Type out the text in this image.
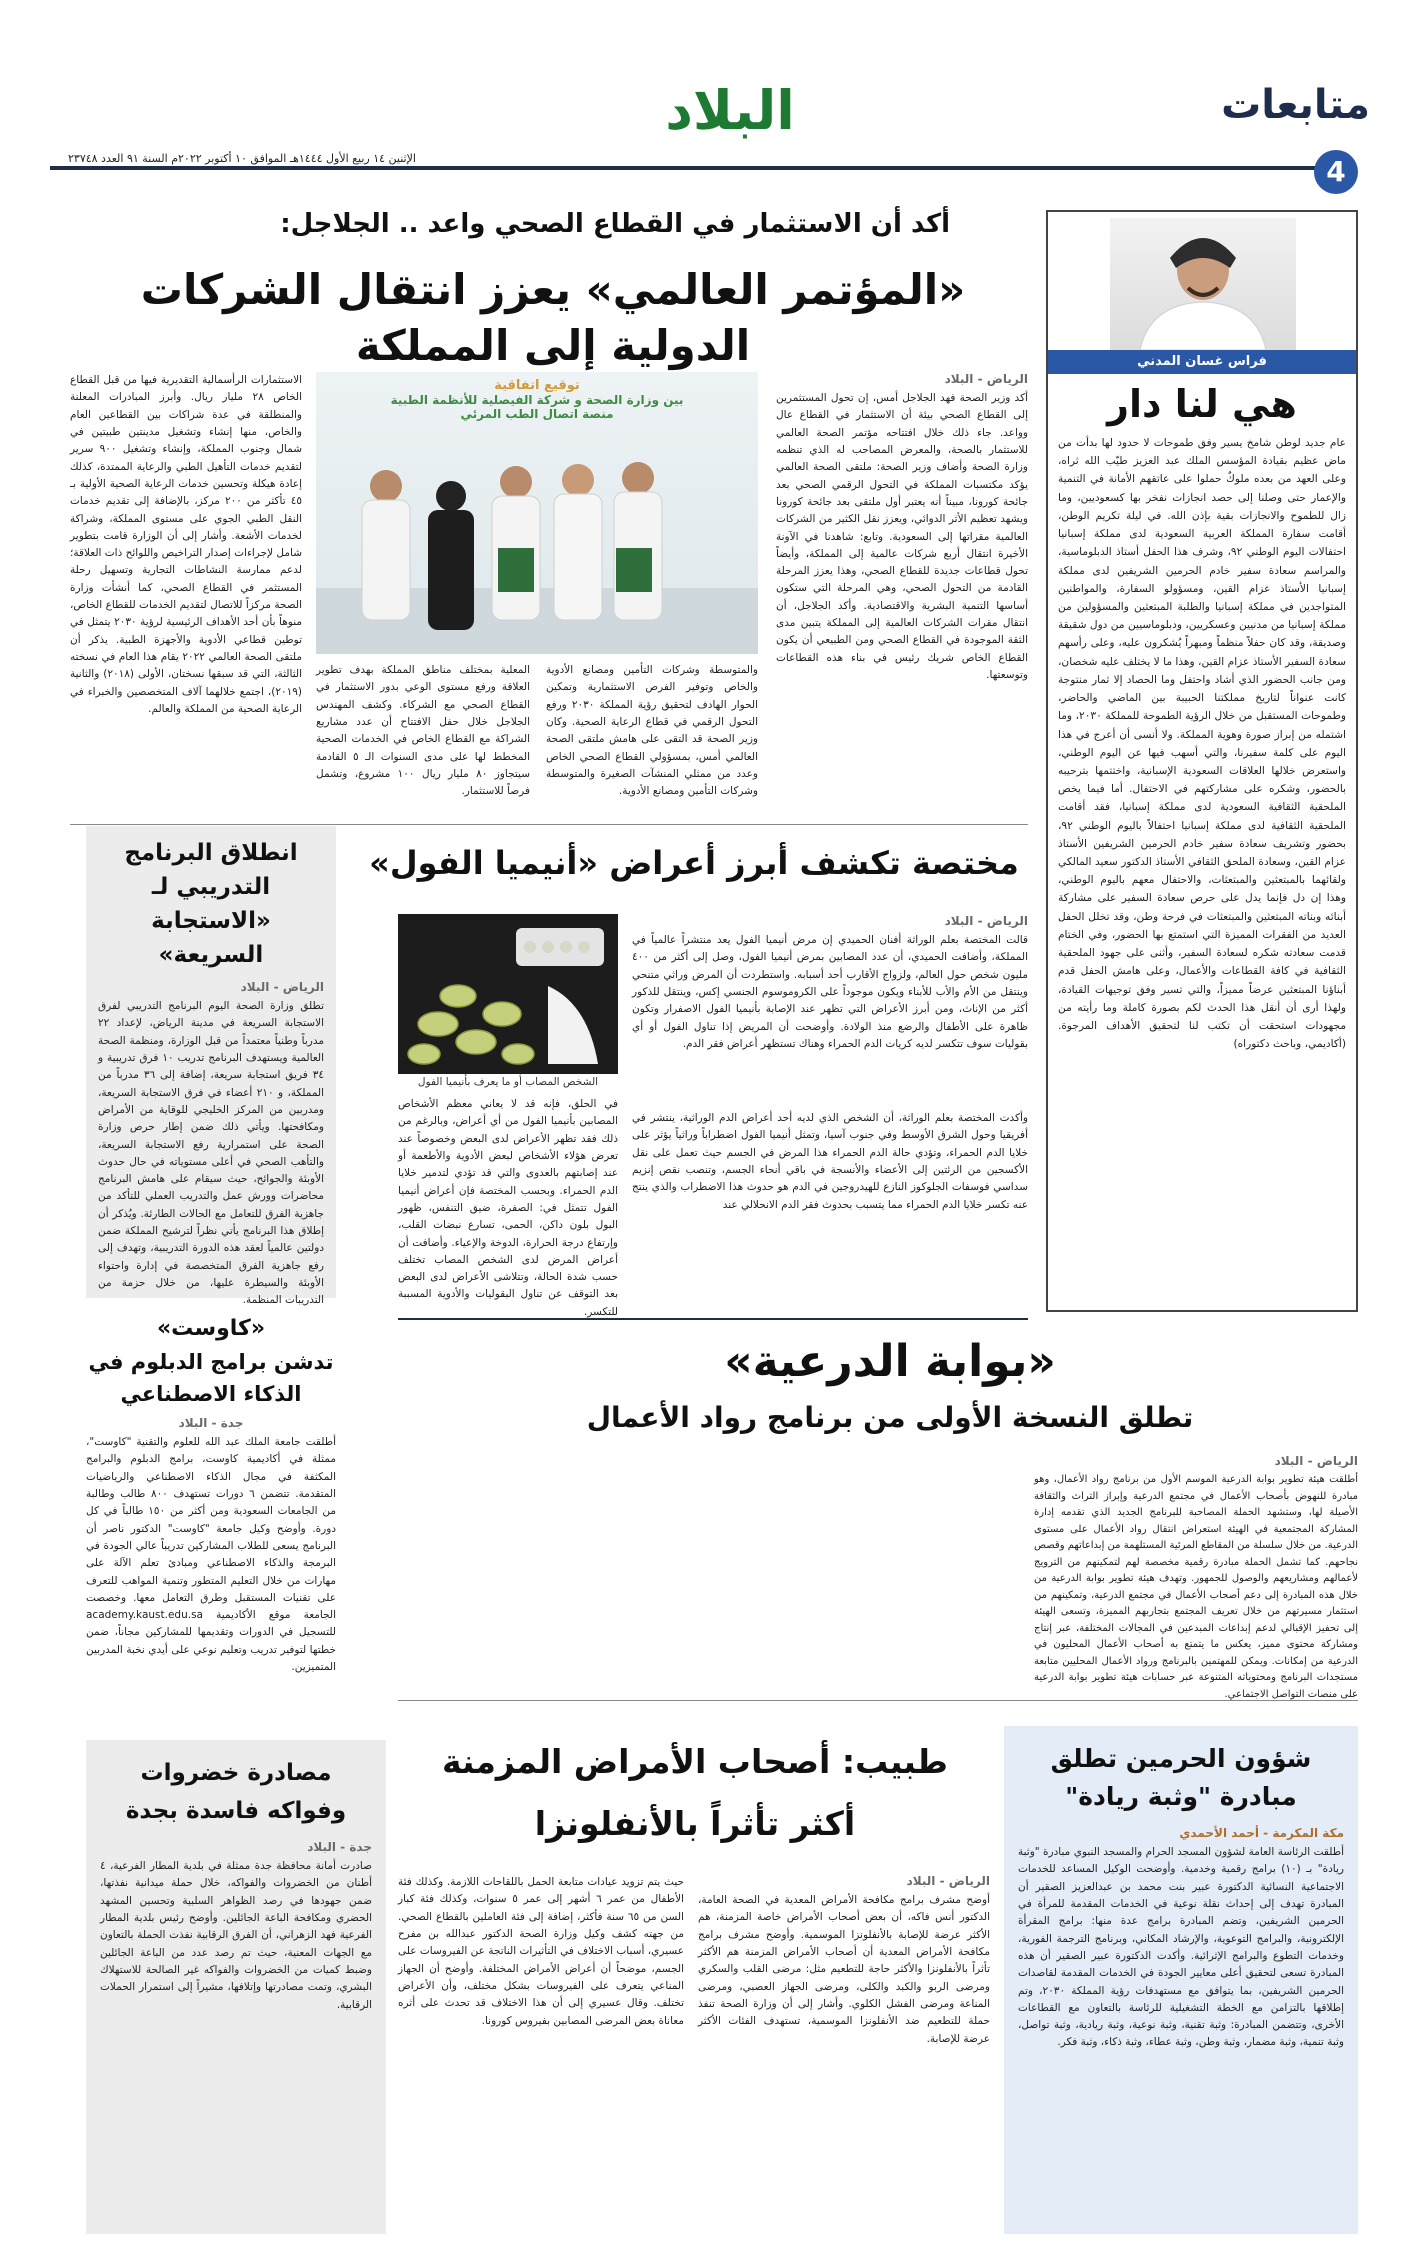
متابعات
4
البلاد
الإثنين ١٤ ربيع الأول ١٤٤٤هـ الموافق ١٠ أكتوبر ٢٠٢٢م السنة ٩١ العدد ٢٣٧٤٨
فراس غسان المدني
هي لنا دار
عام جديد لوطن شامخ يسير وفق طموحات لا حدود لها بدأت من ماض عظيم بقيادة المؤسس الملك عبد العزيز طيّب الله ثراه، وعلى العهد من بعده ملوكٌ حملوا على عاتقهم الأمانة في التنمية والإعمار حتى وصلنا إلى حصد انجازات نفخر بها كسعوديين، وما زال للطموح والانجازات بقية بإذن الله. في ليلة تكريم الوطن، أقامت سفارة المملكة العربية السعودية لدى مملكة إسبانيا احتفالات اليوم الوطني ٩٢، وشرف هذا الحفل أستاذ الدبلوماسية، والمراسم سعادة سفير خادم الحرمين الشريفين لدى مملكة إسبانيا الأستاذ عزام القين، ومسؤولو السفارة، والمواطنين المتواجدين في مملكة إسبانيا والطلبة المبتعثين والمسؤولين من مملكة إسبانيا من مدنيين وعسكريين، ودبلوماسيين من دول شقيقة وصديقة، وقد كان حفلاً منظماً ومبهراً يُشكرون عليه، وعلى رأسهم سعادة السفير الأستاذ عزام القين، وهذا ما لا يختلف عليه شخصان، ومن جانب الحضور الذي أشاد واحتفل وما الحصاد إلا ثمار منتوجة كانت عنواناً لتاريخ مملكتنا الحبيبة بين الماضي والحاضر، وطموحات المستقبل من خلال الرؤية الطموحة للمملكة ٢٠٣٠، وما اشتمله من إبراز صورة وهوية المملكة. ولا أنسى أن أعرج في هذا اليوم على كلمة سفيرنا، والتي أسهب فيها عن اليوم الوطني، واستعرض خلالها العلاقات السعودية الإسبانية، واختتمها بترحيبه بالحضور، وشكره على مشاركتهم في الاحتفال. أما فيما يخص الملحقية الثقافية السعودية لدى مملكة إسبانيا، فقد أقامت الملحقية الثقافية لدى مملكة إسبانيا احتفالاً باليوم الوطني ٩٢، بحضور وتشريف سعادة سفير خادم الحرمين الشريفين الأستاذ عزام القين، وسعادة الملحق الثقافي الأستاذ الدكتور سعيد المالكي ولقائهما بالمبتعثين والمبتعثات، والاحتفال معهم باليوم الوطني، وهذا إن دل فإنما يدل على حرص سعادة السفير على مشاركة أبنائه وبناته المبتعثين والمبتعثات في فرحة وطن، وقد تخلل الحفل العديد من الفقرات المميزة التي استمتع بها الحضور، وفي الختام قدمت سعادته شكره لسعادة السفير، وأثنى على جهود الملحقية الثقافية في كافة القطاعات والأعمال، وعلى هامش الحفل قدم أبناؤنا المبتعثين عرضاً مميزاً، والتي تسير وفق توجيهات القيادة، ولهذا أرى أن أنقل هذا الحدث لكم بصورة كاملة وما رأيته من مجهودات استحقت أن تكتب لنا لتحقيق الأهداف المرجوة. (أكاديمي، وباحث دكتوراه)
أكد أن الاستثمار في القطاع الصحي واعد .. الجلاجل:
«المؤتمر العالمي» يعزز انتقال الشركات الدولية إلى المملكة
توقيع اتفاقية
بين وزارة الصحة و شركة الفيصلية للأنظمة الطبية
منصة اتصال الطب المرئي
الرياض - البلاد
أكد وزير الصحة فهد الجلاجل أمس، إن تحول المستثمرين إلى القطاع الصحي بيئة أن الاستثمار في القطاع عال وواعد. جاء ذلك خلال افتتاحه مؤتمر الصحة العالمي للاستثمار بالصحة، والمعرض المصاحب له الذي تنظمه وزارة الصحة وأضاف وزير الصحة: ملتقى الصحة العالمي يؤكد مكتسبات المملكة في التحول الرقمي الصحي بعد جائحة كورونا، مبيناً أنه يعتبر أول ملتقى بعد جائحة كورونا ويشهد تعظيم الأثر الدوائي، ويعزز نقل الكثير من الشركات العالمية مقراتها إلى السعودية. وتابع: شاهدنا في الآونة الأخيرة انتقال أربع شركات عالمية إلى المملكة، وأيضاً تحول قطاعات جديدة للقطاع الصحي، وهذا يعزز المرحلة القادمة من التحول الصحي، وهي المرحلة التي ستكون أساسها التنمية البشرية والاقتصادية. وأكد الجلاجل، أن انتقال مقرات الشركات العالمية إلى المملكة يتبين مدى الثقة الموجودة في القطاع الصحي ومن الطبيعي أن يكون القطاع الخاص شريك رئيس في بناء هذه القطاعات وتوسعتها.
والمتوسطة وشركات التأمين ومصانع الأدوية والخاص وتوفير الفرص الاستثمارية وتمكين الحوار الهادف لتحقيق رؤية المملكة ٢٠٣٠ ورفع التحول الرقمي في قطاع الرعاية الصحية. وكان وزير الصحة قد التقى على هامش ملتقى الصحة العالمي أمس، بمسؤولي القطاع الصحي الخاص وعدد من ممثلي المنشآت الصغيرة والمتوسطة وشركات التأمين ومصانع الأدوية.
المعلية بمختلف مناطق المملكة بهدف تطوير العلاقة ورفع مستوى الوعي بدور الاستثمار في القطاع الصحي مع الشركاء. وكشف المهندس الجلاجل خلال حفل الافتتاح أن عدد مشاريع الشراكة مع القطاع الخاص في الخدمات الصحية المخطط لها على مدى السنوات الـ ٥ القادمة سيتجاوز ٨٠ مليار ريال ١٠٠ مشروع، وتشمل فرصاً للاستثمار.
الاستثمارات الرأسمالية التقديرية فيها من قبل القطاع الخاص ٢٨ مليار ريال. وأبرز المبادرات المعلنة والمنطلقة في عدة شراكات بين القطاعين العام والخاص، منها إنشاء وتشغيل مدينتين طبيتين في شمال وجنوب المملكة، وإنشاء وتشغيل ٩٠٠ سرير لتقديم خدمات التأهيل الطبي والرعاية الممتدة، كذلك إعادة هيكلة وتحسين خدمات الرعاية الصحية الأولية بـ ٤٥ تأكثر من ٢٠٠ مركز، بالإضافة إلى تقديم خدمات النقل الطبي الجوي على مستوى المملكة، وشراكة لخدمات الأشعة. وأشار إلى أن الوزارة قامت بتطوير شامل لإجراءات إصدار التراخيص واللوائح ذات العلاقة؛ لدعم ممارسة النشاطات التجارية وتسهيل رحلة المستثمر في القطاع الصحي، كما أنشأت وزارة الصحة مركزاً للاتصال لتقديم الخدمات للقطاع الخاص، منوهاً بأن أحد الأهداف الرئيسية لرؤية ٢٠٣٠ يتمثل في توطين قطاعي الأدوية والأجهزة الطبية. يذكر أن ملتقى الصحة العالمي ٢٠٢٢ يقام هذا العام في نسخته الثالثة، التي قد سبقها نسختان، الأولى (٢٠١٨) والثانية (٢٠١٩)، اجتمع خلالهما آلاف المتخصصين والخبراء في الرعاية الصحية من المملكة والعالم.
انطلاق البرنامج التدريبي لـ «الاستجابة السريعة»
الرياض - البلاد
تطلق وزارة الصحة اليوم البرنامج التدريبي لفرق الاستجابة السريعة في مدينة الرياض، لإعداد ٢٢ مدرباً وطنياً معتمداً من قبل الوزارة، ومنظمة الصحة العالمية ويستهدف البرنامج تدريب ١٠ فرق تدريبية و ٣٤ فريق استجابة سريعة، إضافة إلى ٣٦ مدرباً من المملكة، و ٢١٠ أعضاء في فرق الاستجابة السريعة، ومدربين من المركز الخليجي للوقاية من الأمراض ومكافحتها. ويأتي ذلك ضمن إطار حرص وزارة الصحة على استمرارية رفع الاستجابة السريعة، والتأهب الصحي في أعلى مستوياته في حال حدوث الأوبئة والجوائح، حيث سيقام على هامش البرنامج محاضرات وورش عمل والتدريب العملي للتأكد من جاهزية الفرق للتعامل مع الحالات الطارئة. ويُذكر أن إطلاق هذا البرنامج يأتي نظراً لترشيح المملكة ضمن دولتين عالمياً لعقد هذه الدورة التدريبية، وتهدف إلى رفع جاهزية الفرق المتخصصة في إدارة واحتواء الأوبئة والسيطرة عليها، من خلال حزمة من التدريبات المنظمة.
مختصة تكشف أبرز أعراض «أنيميا الفول»
الشخص المصاب أو ما يعرف بأنيميا الفول
الرياض - البلاد
قالت المختصة بعلم الوراثة أفنان الحميدي إن مرض أنيميا الفول يعد منتشراً عالمياً في المملكة، وأضافت الحميدي، أن عدد المصابين بمرض أنيميا الفول، وصل إلى أكثر من ٤٠٠ مليون شخص حول العالم، ولزواج الأقارب أحد أسبابه. واستطردت أن المرض وراثي متنحي وينتقل من الأم والأب للأبناء ويكون موجوداً على الكروموسوم الجنسي إكس، وينتقل للذكور أكثر من الإناث، ومن أبرز الأعراض التي تظهر عند الإصابة بأنيميا الفول الاصفرار وتكون ظاهرة على الأطفال والرضع منذ الولادة. وأوضحت أن المريض إذا تناول الفول أو أي بقوليات سوف تتكسر لديه كريات الدم الحمراء وهناك تستظهر أعراض فقر الدم.
وأكدت المختصة بعلم الوراثة، أن الشخص الذي لديه أحد أعراض الدم الوراثية، ينتشر في أفريقيا وحول الشرق الأوسط وفي جنوب آسيا، وتمثل أنيميا الفول اضطراباً وراثياً يؤثر على خلايا الدم الحمراء، وتؤدي حالة الدم الحمراء هذا المرض في الجسم حيث تعمل على نقل الأكسجين من الرئتين إلى الأعضاء والأنسجة في باقي أنحاء الجسم، وتنصب نقص إنزيم سداسي فوسفات الجلوكوز النازع للهيدروجين في الدم هو حدوث هذا الاضطراب والذي ينتج عنه تكسر خلايا الدم الحمراء مما يتسبب بحدوث فقر الدم الانحلالي عند
في الحلق، فإنه قد لا يعاني معظم الأشخاص المصابين بأنيميا الفول من أي أعراض، وبالرغم من ذلك فقد تظهر الأعراض لدى البعض وخصوصاً عند تعرض هؤلاء الأشخاص لبعض الأدوية والأطعمة أو عند إصابتهم بالعدوى والتي قد تؤدي لتدمير خلايا الدم الحمراء. وبحسب المختصة فإن أعراض أنيميا الفول تتمثل في: الصفرة، ضيق التنفس، ظهور البول بلون داكن، الحمى، تسارع نبضات القلب، وإرتفاع درجة الحرارة، الدوخة والإعياء. وأضافت أن أعراض المرض لدى الشخص المصاب تختلف حسب شدة الحالة، وتتلاشى الأعراض لدى البعض بعد التوقف عن تناول البقوليات والأدوية المسببة للتكسر.
«كاوست»
تدشن برامج الدبلوم في الذكاء الاصطناعي
جدة - البلاد
أطلقت جامعة الملك عبد الله للعلوم والتقنية "كاوست"، ممثلة في أكاديمية كاوست، برامج الدبلوم والبرامج المكثفة في مجال الذكاء الاصطناعي والرياضيات المتقدمة. تتضمن ٦ دورات تستهدف ٨٠٠ طالب وطالبة من الجامعات السعودية ومن أكثر من ١٥٠ طالباً في كل دورة. وأوضح وكيل جامعة "كاوست" الدكتور ناصر أن البرنامج يسعى للطلاب المشاركين تدريباً عالي الجودة في البرمجة والذكاء الاصطناعي ومبادئ تعلم الآلة على مهارات من خلال التعليم المتطور وتنمية المواهب للتعرف على تقنيات المستقبل وطرق التعامل معها. وخصصت الجامعة موقع الأكاديمية academy.kaust.edu.sa للتسجيل في الدورات وتقديمها للمشاركين مجاناً، ضمن خطتها لتوفير تدريب وتعليم نوعي على أيدي نخبة المدربين المتميزين.
«بوابة الدرعية»
تطلق النسخة الأولى من برنامج رواد الأعمال
الرياض - البلاد
أطلقت هيئة تطوير بوابة الدرعية الموسم الأول من برنامج رواد الأعمال، وهو مبادرة للنهوض بأصحاب الأعمال في مجتمع الدرعية وإبراز التراث والثقافة الأصيلة لها، وستشهد الحملة المصاحبة للبرنامج الجديد الذي تقدمه إدارة المشاركة المجتمعية في الهيئة استعراض انتقال رواد الأعمال على مستوى الدرعية. من خلال سلسلة من المقاطع المرئية المستلهمة من إبداعاتهم وقصص نجاحهم. كما تشمل الحملة مبادرة رقمية مخصصة لهم لتمكينهم من الترويج لأعمالهم ومشاريعهم والوصول للجمهور. وتهدف هيئة تطوير بوابة الدرعية من خلال هذه المبادرة إلى دعم أصحاب الأعمال في مجتمع الدرعية، وتمكينهم من استثمار مسيرتهم من خلال تعريف المجتمع بتجاربهم المميزة، وتسعى الهيئة إلى تحفيز الإقبالي لدعم إبداعات المبدعين في المجالات المختلفة، عبر إنتاج ومشاركة محتوى مميز، يعكس ما يتمتع به أصحاب الأعمال المحليون في الدرعية من إمكانات. ويمكن للمهتمين بالبرنامج ورواد الأعمال المحليين متابعة مستجدات البرنامج ومحتوياته المتنوعة عبر حسابات هيئة تطوير بوابة الدرعية على منصات التواصل الاجتماعي.
شؤون الحرمين تطلق مبادرة "وثبة ريادة"
مكة المكرمة - أحمد الأحمدي
أطلقت الرئاسة العامة لشؤون المسجد الحرام والمسجد النبوي مبادرة "وثبة ريادة" بـ (١٠) برامج رقمية وخدمية. وأوضحت الوكيل المساعد للخدمات الاجتماعية النسائية الدكتورة عبير بنت محمد بن عبدالعزيز الصقير أن المبادرة تهدف إلى إحداث نقلة نوعية في الخدمات المقدمة للمرأة في الحرمين الشريفين، وتضم المبادرة برامج عدة منها: برامج المقرأة الإلكترونية، والبرامج التوعوية، والإرشاد المكاني، وبرنامج الترجمة الفورية، وخدمات التطوع والبرامج الإثرائية. وأكدت الدكتورة عبير الصقير أن هذه المبادرة تسعى لتحقيق أعلى معايير الجودة في الخدمات المقدمة لقاصدات الحرمين الشريفين، بما يتوافق مع مستهدفات رؤية المملكة ٢٠٣٠، وتم إطلاقها بالتزامن مع الخطة التشغيلية للرئاسة بالتعاون مع القطاعات الأخرى، وتتضمن المبادرة: وثبة تقنية، وثبة نوعية، وثبة ريادية، وثبة تواصل، وثبة تنمية، وثبة مضمار، وثبة وطن، وثبة عطاء، وثبة ذكاء، وثبة فكر.
طبيب: أصحاب الأمراض المزمنة
أكثر تأثراً بالأنفلونزا
الرياض - البلاد
أوضح مشرف برامج مكافحة الأمراض المعدية في الصحة العامة، الدكتور أنس فاكه، أن بعض أصحاب الأمراض خاصة المزمنة، هم الأكثر عرضة للإصابة بالأنفلونزا الموسمية. وأوضح مشرف برامج مكافحة الأمراض المعدية أن أصحاب الأمراض المزمنة هم الأكثر تأثراً بالأنفلونزا والأكثر حاجة للتطعيم مثل: مرضى القلب والسكري ومرضى الربو والكبد والكلى، ومرضى الجهاز العصبي، ومرضى المناعة ومرضى الفشل الكلوي. وأشار إلى أن وزارة الصحة تنفذ حملة للتطعيم ضد الأنفلونزا الموسمية، تستهدف الفئات الأكثر عرضة للإصابة.
حيث يتم تزويد عيادات متابعة الحمل باللقاحات اللازمة. وكذلك فئة الأطفال من عمر ٦ أشهر إلى عمر ٥ سنوات، وكذلك فئة كبار السن من ٦٥ سنة فأكثر، إضافة إلى فئة العاملين بالقطاع الصحي. من جهته كشف وكيل وزارة الصحة الدكتور عبدالله بن مفرح عسيري، أسباب الاختلاف في التأثيرات الناتجة عن الفيروسات على الجسم، موضحاً أن أعراض الأمراض المختلفة. وأوضح أن الجهاز المناعي يتعرف على الفيروسات بشكل مختلف، وأن الأعراض تختلف. وقال عسيري إلى أن هذا الاختلاف قد تحدث على أثره معاناة بعض المرضى المصابين بفيروس كورونا.
مصادرة خضروات وفواكه فاسدة بجدة
جدة - البلاد
صادرت أمانة محافظة جدة ممثلة في بلدية المطار الفرعية، ٤ أطنان من الخضروات والفواكه، خلال حملة ميدانية نفذتها، ضمن جهودها في رصد الظواهر السلبية وتحسين المشهد الحضري ومكافحة الباعة الجائلين. وأوضح رئيس بلدية المطار الفرعية فهد الزهراني، أن الفرق الرقابية نفذت الحملة بالتعاون مع الجهات المعنية، حيث تم رصد عدد من الباعة الجائلين وضبط كميات من الخضروات والفواكه غير الصالحة للاستهلاك البشري، وتمت مصادرتها وإتلافها، مشيراً إلى استمرار الحملات الرقابية.
